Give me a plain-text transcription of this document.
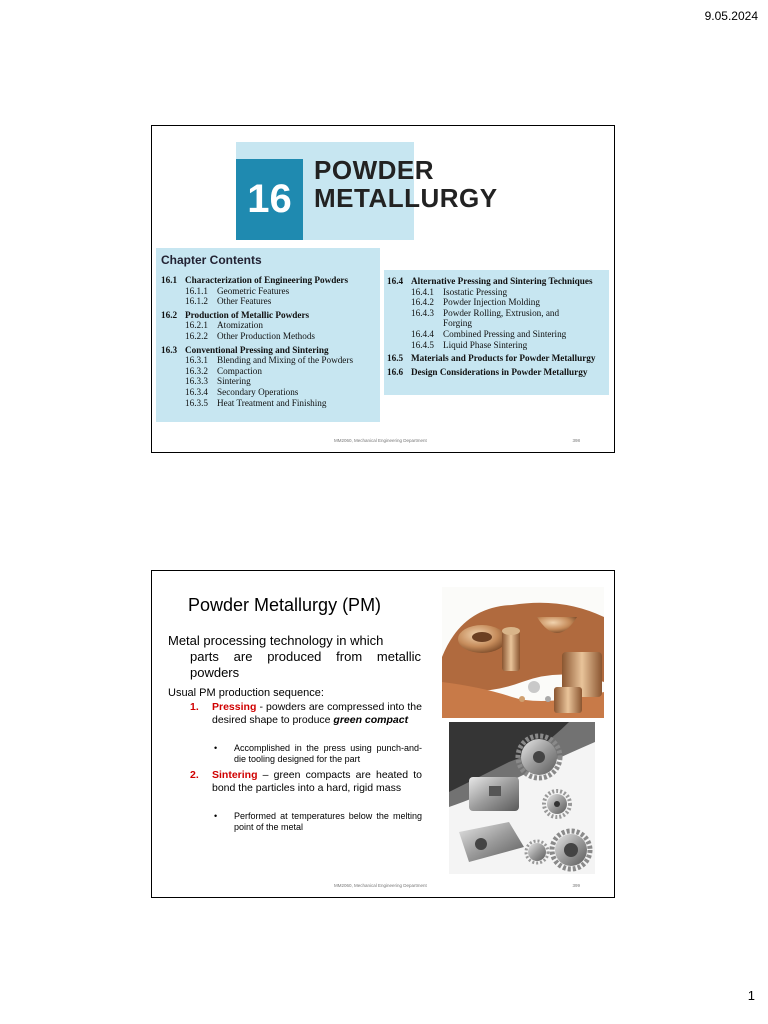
9.05.2024
16
POWDER
METALLURGY
Chapter Contents
16.1 Characterization of Engineering Powders
16.1.1 Geometric Features
16.1.2 Other Features
16.2 Production of Metallic Powders
16.2.1 Atomization
16.2.2 Other Production Methods
16.3 Conventional Pressing and Sintering
16.3.1 Blending and Mixing of the Powders
16.3.2 Compaction
16.3.3 Sintering
16.3.4 Secondary Operations
16.3.5 Heat Treatment and Finishing
16.4 Alternative Pressing and Sintering Techniques
16.4.1 Isostatic Pressing
16.4.2 Powder Injection Molding
16.4.3 Powder Rolling, Extrusion, and
Forging
16.4.4 Combined Pressing and Sintering
16.4.5 Liquid Phase Sintering
16.5 Materials and Products for Powder Metallurgy
16.6 Design Considerations in Powder Metallurgy
MM2060, Mechanical Engineering Department	398
Powder Metallurgy (PM)
Metal processing technology in which
parts are produced from metallic powders
Usual PM production sequence:
1.	Pressing - powders are compressed into the desired shape to produce green compact
•	Accomplished in the press using punch-and-die tooling designed for the part
2.	Sintering – green compacts are heated to bond the particles into a hard, rigid mass
•	Performed at temperatures below the melting point of the metal
MM2060, Mechanical Engineering Department	399
1
